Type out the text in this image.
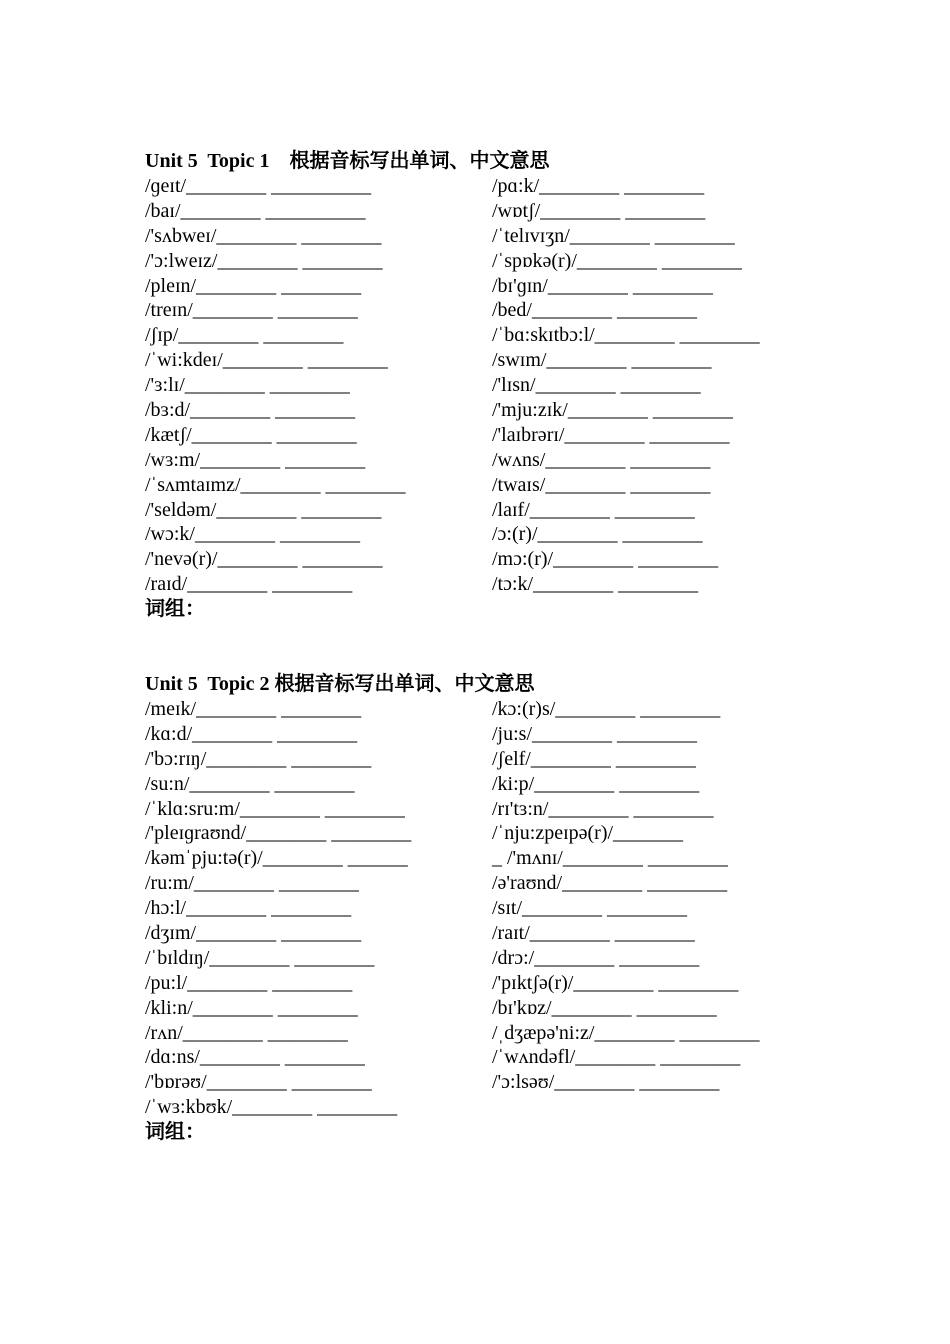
Unit 5  Topic 1    根据音标写出单词、中文意思
/ɡeɪt/________ __________	/pɑ:k/________ ________
/baɪ/________ __________	/wɒtʃ/________ ________
/'sʌbweɪ/________ ________	/ˈtelɪvɪʒn/________ ________
/'ɔ:lweɪz/________ ________	/ˈspɒkə(r)/________ ________
/pleɪn/________ ________	/bɪ'ɡɪn/________ ________
/treɪn/________ ________	/bed/________ ________
/ʃɪp/________ ________	/ˈbɑ:skɪtbɔ:l/________ ________
/ˈwi:kdeɪ/________ ________	/swɪm/________ ________
/'ɜ:lɪ/________ ________	/'lɪsn/________ ________
/bɜ:d/________ ________	/'mju:zɪk/________ ________
/kætʃ/________ ________	/'laɪbrərɪ/________ ________
/wɜ:m/________ ________	/wʌns/________ ________
/ˈsʌmtaɪmz/________ ________	/twaɪs/________ ________
/'seldəm/________ ________	/laɪf/________ ________
/wɔ:k/________ ________	/ɔ:(r)/________ ________
/'nevə(r)/________ ________	/mɔ:(r)/________ ________
/raɪd/________ ________	/tɔ:k/________ ________
词组：
Unit 5  Topic 2 根据音标写出单词、中文意思
/meɪk/________ ________	/kɔ:(r)s/________ ________
/kɑ:d/________ ________	/ju:s/________ ________
/'bɔ:rɪŋ/________ ________	/ʃelf/________ ________
/su:n/________ ________	/ki:p/________ ________
/ˈklɑ:sru:m/________ ________	/rɪ'tɜ:n/________ ________
/'pleɪɡraʊnd/________ ________	/ˈnju:zpeɪpə(r)/_______
/kəmˈpju:tə(r)/________ ______	_ /'mʌnɪ/________ ________
/ru:m/________ ________	/ə'raʊnd/________ ________
/hɔ:l/________ ________	/sɪt/________ ________
/dʒɪm/________ ________	/raɪt/________ ________
/ˈbɪldɪŋ/________ ________	/drɔ:/________ ________
/pu:l/________ ________	/'pɪktʃə(r)/________ ________
/kli:n/________ ________	/bɪ'kɒz/________ ________
/rʌn/________ ________	/ˌdʒæpə'ni:z/________ ________
/dɑ:ns/________ ________	/ˈwʌndəfl/________ ________
/'bɒrəʊ/________ ________	/'ɔ:lsəʊ/________ ________
/ˈwɜ:kbʊk/________ ________
词组：
